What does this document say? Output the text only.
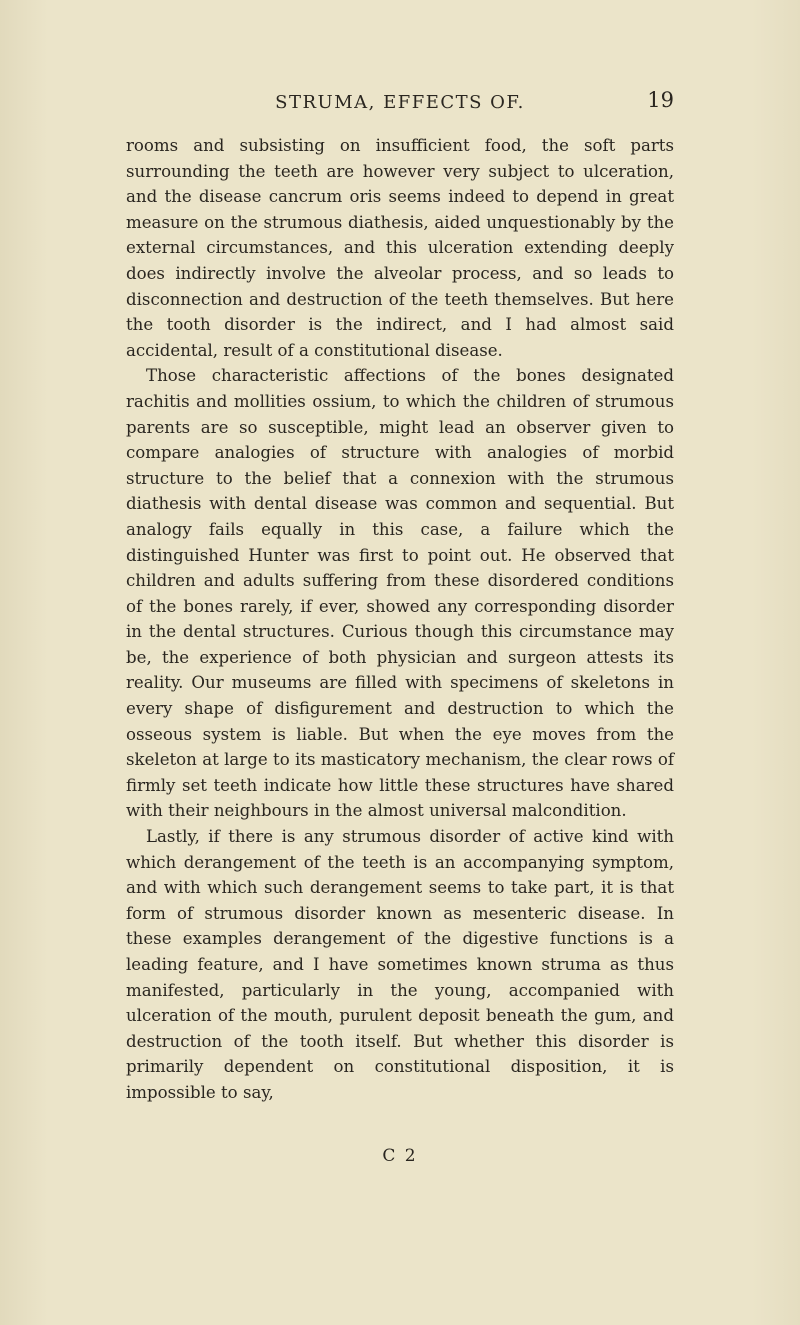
STRUMA, EFFECTS OF.	19

rooms and subsisting on insufficient food, the soft parts surrounding the teeth are however very subject to ulceration, and the disease cancrum oris seems indeed to depend in great measure on the strumous diathesis, aided unquestionably by the external circumstances, and this ulceration extending deeply does indirectly involve the alveolar process, and so leads to disconnection and destruction of the teeth themselves. But here the tooth disorder is the indirect, and I had almost said accidental, result of a constitutional disease.

Those characteristic affections of the bones designated rachitis and mollities ossium, to which the children of strumous parents are so susceptible, might lead an observer given to compare analogies of structure with analogies of morbid structure to the belief that a connexion with the strumous diathesis with dental disease was common and sequential. But analogy fails equally in this case, a failure which the distinguished Hunter was first to point out. He observed that children and adults suffering from these disordered conditions of the bones rarely, if ever, showed any corresponding disorder in the dental structures. Curious though this circumstance may be, the experience of both physician and surgeon attests its reality. Our museums are filled with specimens of skeletons in every shape of disfigurement and destruction to which the osseous system is liable. But when the eye moves from the skeleton at large to its masticatory mechanism, the clear rows of firmly set teeth indicate how little these structures have shared with their neighbours in the almost universal malcondition.

Lastly, if there is any strumous disorder of active kind with which derangement of the teeth is an accompanying symptom, and with which such derangement seems to take part, it is that form of strumous disorder known as mesenteric disease. In these examples derangement of the digestive functions is a leading feature, and I have sometimes known struma as thus manifested, particularly in the young, accompanied with ulceration of the mouth, purulent deposit beneath the gum, and destruction of the tooth itself. But whether this disorder is primarily dependent on constitutional disposition, it is impossible to say,

C 2
